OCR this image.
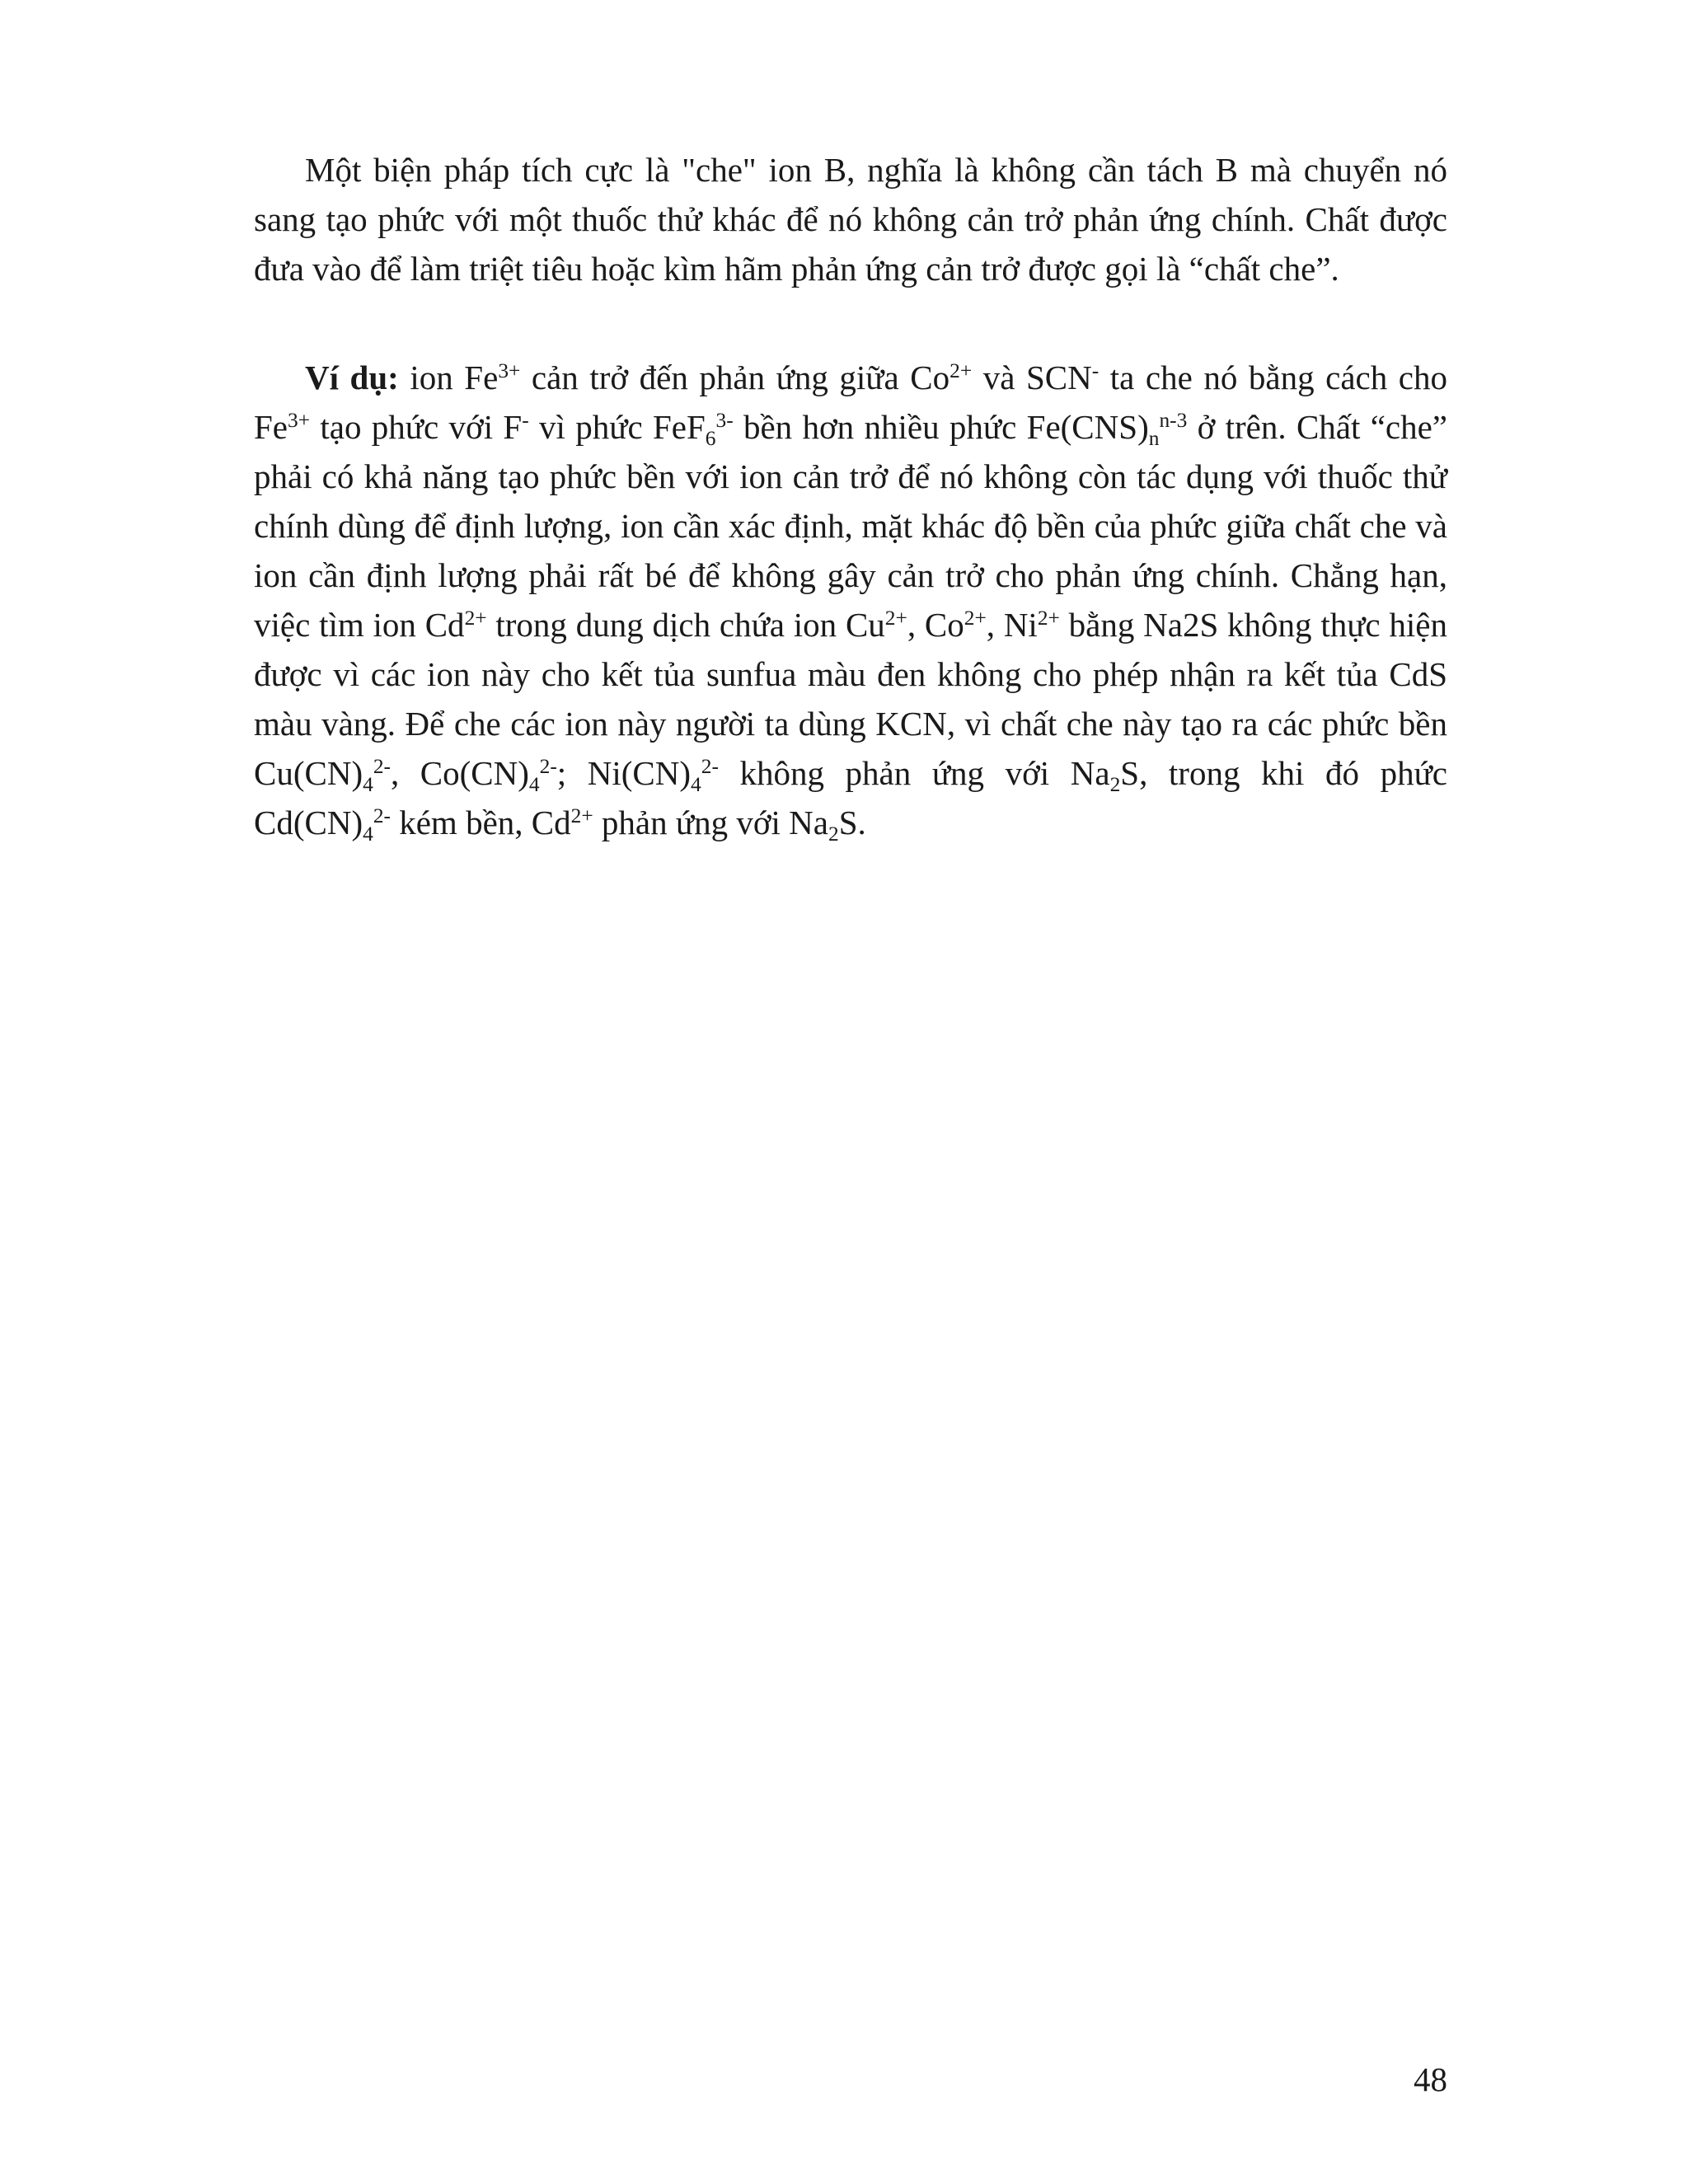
Một biện pháp tích cực là "che" ion B, nghĩa là không cần tách B mà chuyển nó sang tạo phức với một thuốc thử khác để nó không cản trở phản ứng chính. Chất được đưa vào để làm triệt tiêu hoặc kìm hãm phản ứng cản trở được gọi là “chất che”.

Ví dụ: ion $Fe^{3+}$ cản trở đến phản ứng giữa $Co^{2+}$ và SCN- ta che nó bằng cách cho $Fe^{3+}$ tạo phức với F- vì phức FeF$_6^{3-}$ bền hơn nhiều phức $Fe(CNS)_n^{n-3}$ ở trên. Chất “che” phải có khả năng tạo phức bền với ion cản trở để nó không còn tác dụng với thuốc thử chính dùng để định lượng, ion cần xác định, mặt khác độ bền của phức giữa chất che và ion cần định lượng phải rất bé để không gây cản trở cho phản ứng chính. Chẳng hạn, việc tìm ion $Cd^{2+}$ trong dung dịch chứa ion $Cu^{2+}$, $Co^{2+}$, $Ni^{2+}$ bằng Na2S không thực hiện được vì các ion này cho kết tủa sunfua màu đen không cho phép nhận ra kết tủa CdS màu vàng. Để che các ion này người ta dùng KCN, vì chất che này tạo ra các phức bền $Cu(CN)_4^{2-}$, $Co(CN)_4^{2-}$; $Ni(CN)_4^{2-}$ không phản ứng với $Na_2S$, trong khi đó phức $Cd(CN)_4^{2-}$ kém bền, $Cd^{2+}$ phản ứng với $Na_2S$.

48
